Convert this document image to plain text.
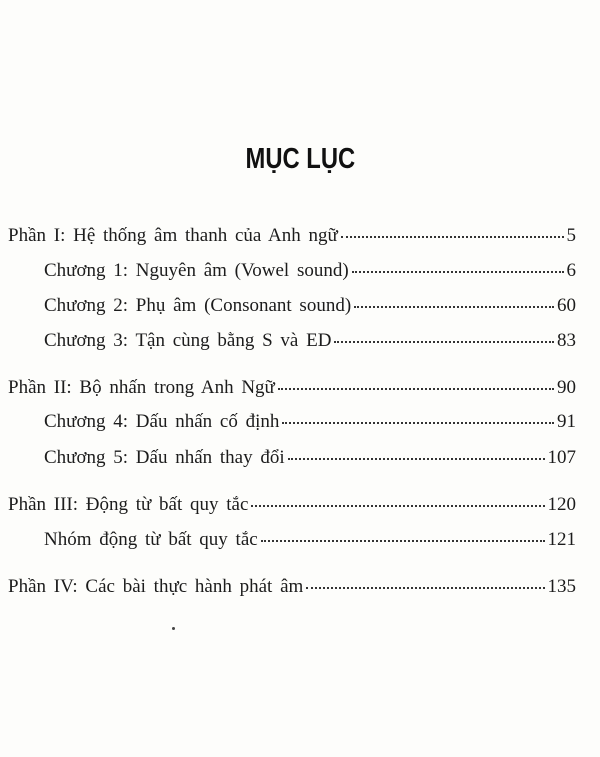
MỤC LỤC
Phần I: Hệ thống âm thanh của Anh ngữ	5
Chương 1: Nguyên âm (Vowel sound)	6
Chương 2: Phụ âm (Consonant sound)	60
Chương 3: Tận cùng bằng S và ED	83
Phần II: Bộ nhấn trong Anh Ngữ	90
Chương 4: Dấu nhấn cố định	91
Chương 5: Dấu nhấn thay đổi	107
Phần III: Động từ bất quy tắc	120
Nhóm động từ bất quy tắc	121
Phần IV: Các bài thực hành phát âm	135
